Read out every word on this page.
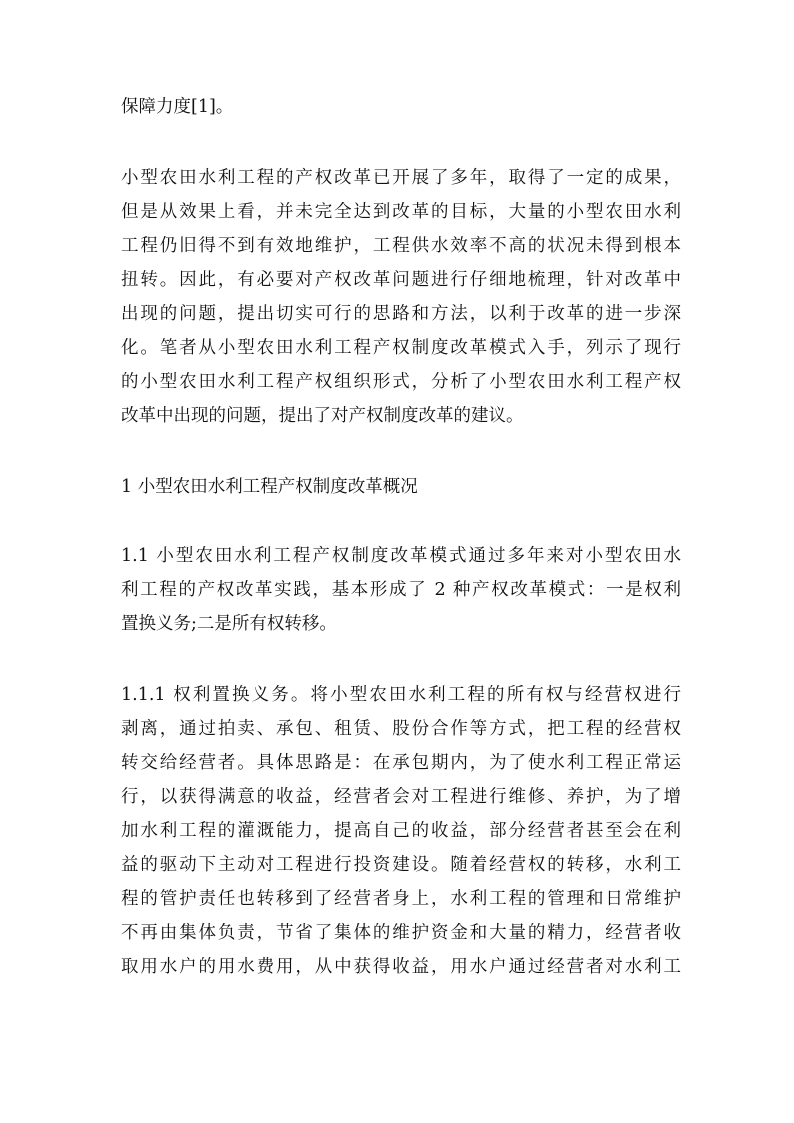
保障力度[1]。
小型农田水利工程的产权改革已开展了多年，取得了一定的成果，
但是从效果上看，并未完全达到改革的目标，大量的小型农田水利
工程仍旧得不到有效地维护，工程供水效率不高的状况未得到根本
扭转。因此，有必要对产权改革问题进行仔细地梳理，针对改革中
出现的问题，提出切实可行的思路和方法，以利于改革的进一步深
化。笔者从小型农田水利工程产权制度改革模式入手，列示了现行
的小型农田水利工程产权组织形式，分析了小型农田水利工程产权
改革中出现的问题，提出了对产权制度改革的建议。
1 小型农田水利工程产权制度改革概况
1.1 小型农田水利工程产权制度改革模式通过多年来对小型农田水
利工程的产权改革实践，基本形成了 2 种产权改革模式：一是权利
置换义务;二是所有权转移。
1.1.1 权利置换义务。将小型农田水利工程的所有权与经营权进行
剥离，通过拍卖、承包、租赁、股份合作等方式，把工程的经营权
转交给经营者。具体思路是：在承包期内，为了使水利工程正常运
行，以获得满意的收益，经营者会对工程进行维修、养护，为了增
加水利工程的灌溉能力，提高自己的收益，部分经营者甚至会在利
益的驱动下主动对工程进行投资建设。随着经营权的转移，水利工
程的管护责任也转移到了经营者身上，水利工程的管理和日常维护
不再由集体负责，节省了集体的维护资金和大量的精力，经营者收
取用水户的用水费用，从中获得收益，用水户通过经营者对水利工
